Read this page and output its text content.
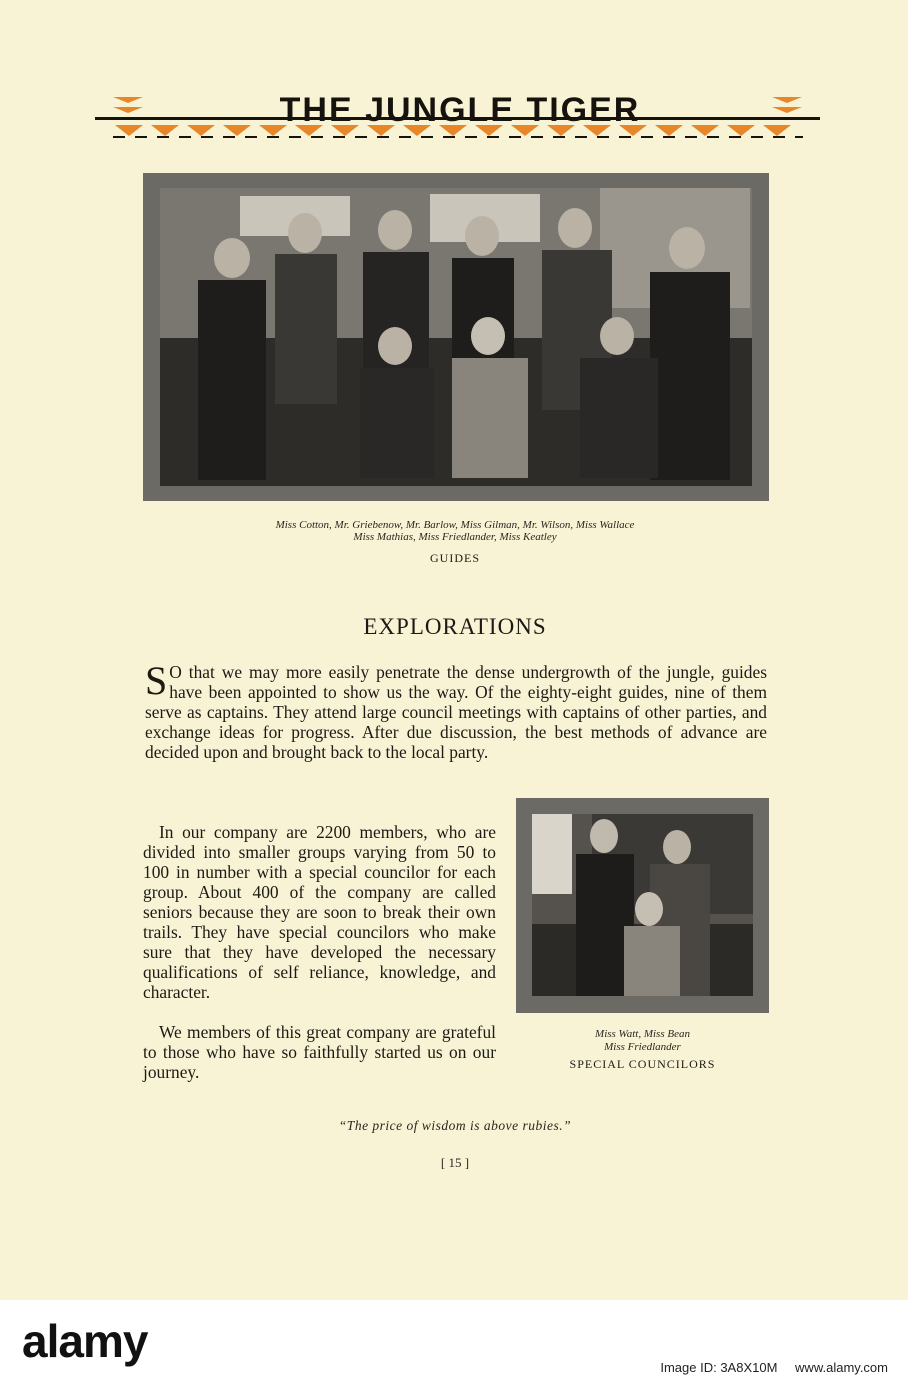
THE JUNGLE TIGER
Miss Cotton, Mr. Griebenow, Mr. Barlow, Miss Gilman, Mr. Wilson, Miss Wallace
Miss Mathias, Miss Friedlander, Miss Keatley
GUIDES
EXPLORATIONS

S O that we may more easily penetrate the dense undergrowth of the jungle, guides have been appointed to show us the way. Of the eighty-eight guides, nine of them serve as captains. They attend large council meetings with captains of other parties, and exchange ideas for progress. After due discussion, the best methods of advance are decided upon and brought back to the local party.

In our company are 2200 members, who are divided into smaller groups varying from 50 to 100 in number with a special councilor for each group. About 400 of the company are called seniors because they are soon to break their own trails. They have special councilors who make sure that they have developed the necessary qualifications of self reliance, knowledge, and character.

We members of this great company are grateful to those who have so faithfully started us on our journey.

Miss Watt, Miss Bean
Miss Friedlander
SPECIAL COUNCILORS
“The price of wisdom is above rubies.”
[ 15 ]
alamy
Image ID: 3A8X10M www.alamy.com
